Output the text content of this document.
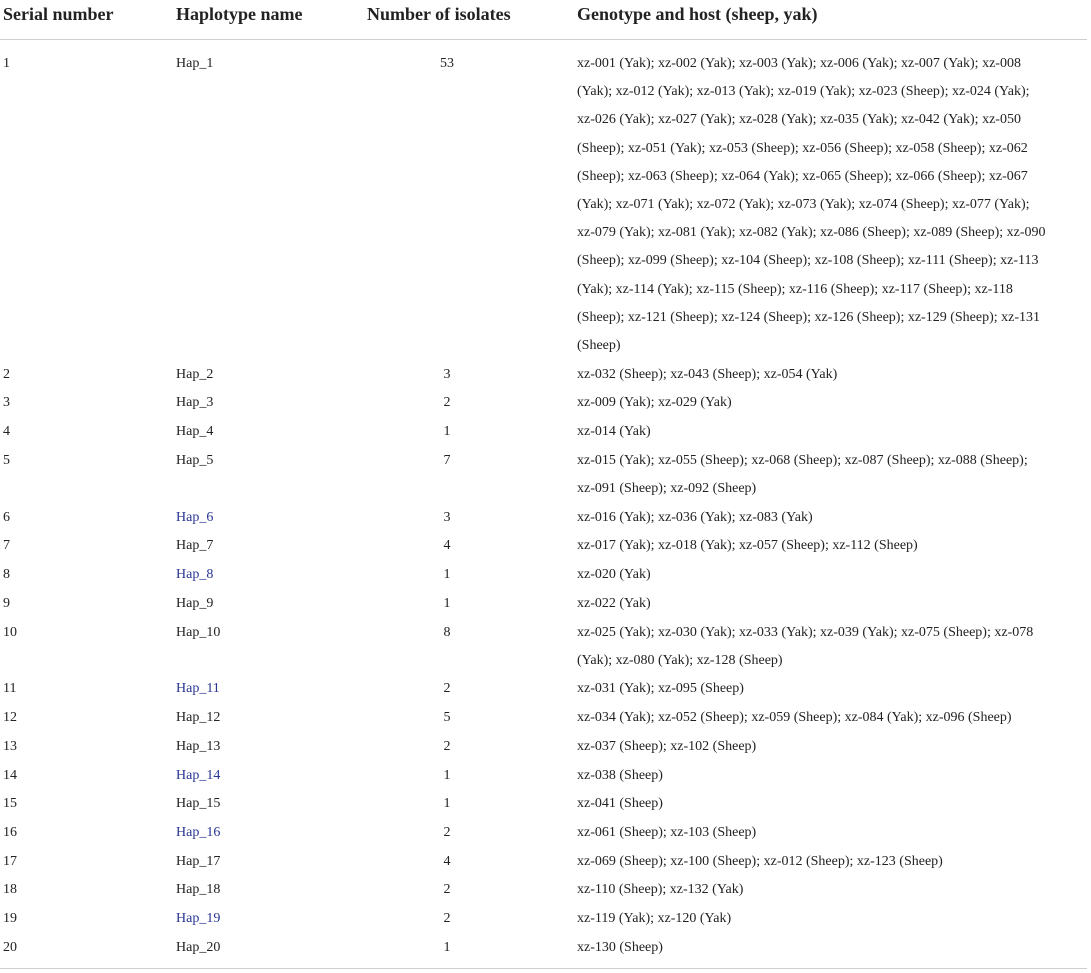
Serial number	Haplotype name	Number of isolates	Genotype and host (sheep, yak)
1	Hap_1	53	xz-001 (Yak); xz-002 (Yak); xz-003 (Yak); xz-006 (Yak); xz-007 (Yak); xz-008
(Yak); xz-012 (Yak); xz-013 (Yak); xz-019 (Yak); xz-023 (Sheep); xz-024 (Yak);
xz-026 (Yak); xz-027 (Yak); xz-028 (Yak); xz-035 (Yak); xz-042 (Yak); xz-050
(Sheep); xz-051 (Yak); xz-053 (Sheep); xz-056 (Sheep); xz-058 (Sheep); xz-062
(Sheep); xz-063 (Sheep); xz-064 (Yak); xz-065 (Sheep); xz-066 (Sheep); xz-067
(Yak); xz-071 (Yak); xz-072 (Yak); xz-073 (Yak); xz-074 (Sheep); xz-077 (Yak);
xz-079 (Yak); xz-081 (Yak); xz-082 (Yak); xz-086 (Sheep); xz-089 (Sheep); xz-090
(Sheep); xz-099 (Sheep); xz-104 (Sheep); xz-108 (Sheep); xz-111 (Sheep); xz-113
(Yak); xz-114 (Yak); xz-115 (Sheep); xz-116 (Sheep); xz-117 (Sheep); xz-118
(Sheep); xz-121 (Sheep); xz-124 (Sheep); xz-126 (Sheep); xz-129 (Sheep); xz-131
(Sheep)
2	Hap_2	3	xz-032 (Sheep); xz-043 (Sheep); xz-054 (Yak)
3	Hap_3	2	xz-009 (Yak); xz-029 (Yak)
4	Hap_4	1	xz-014 (Yak)
5	Hap_5	7	xz-015 (Yak); xz-055 (Sheep); xz-068 (Sheep); xz-087 (Sheep); xz-088 (Sheep);
xz-091 (Sheep); xz-092 (Sheep)
6	Hap_6	3	xz-016 (Yak); xz-036 (Yak); xz-083 (Yak)
7	Hap_7	4	xz-017 (Yak); xz-018 (Yak); xz-057 (Sheep); xz-112 (Sheep)
8	Hap_8	1	xz-020 (Yak)
9	Hap_9	1	xz-022 (Yak)
10	Hap_10	8	xz-025 (Yak); xz-030 (Yak); xz-033 (Yak); xz-039 (Yak); xz-075 (Sheep); xz-078
(Yak); xz-080 (Yak); xz-128 (Sheep)
11	Hap_11	2	xz-031 (Yak); xz-095 (Sheep)
12	Hap_12	5	xz-034 (Yak); xz-052 (Sheep); xz-059 (Sheep); xz-084 (Yak); xz-096 (Sheep)
13	Hap_13	2	xz-037 (Sheep); xz-102 (Sheep)
14	Hap_14	1	xz-038 (Sheep)
15	Hap_15	1	xz-041 (Sheep)
16	Hap_16	2	xz-061 (Sheep); xz-103 (Sheep)
17	Hap_17	4	xz-069 (Sheep); xz-100 (Sheep); xz-012 (Sheep); xz-123 (Sheep)
18	Hap_18	2	xz-110 (Sheep); xz-132 (Yak)
19	Hap_19	2	xz-119 (Yak); xz-120 (Yak)
20	Hap_20	1	xz-130 (Sheep)
